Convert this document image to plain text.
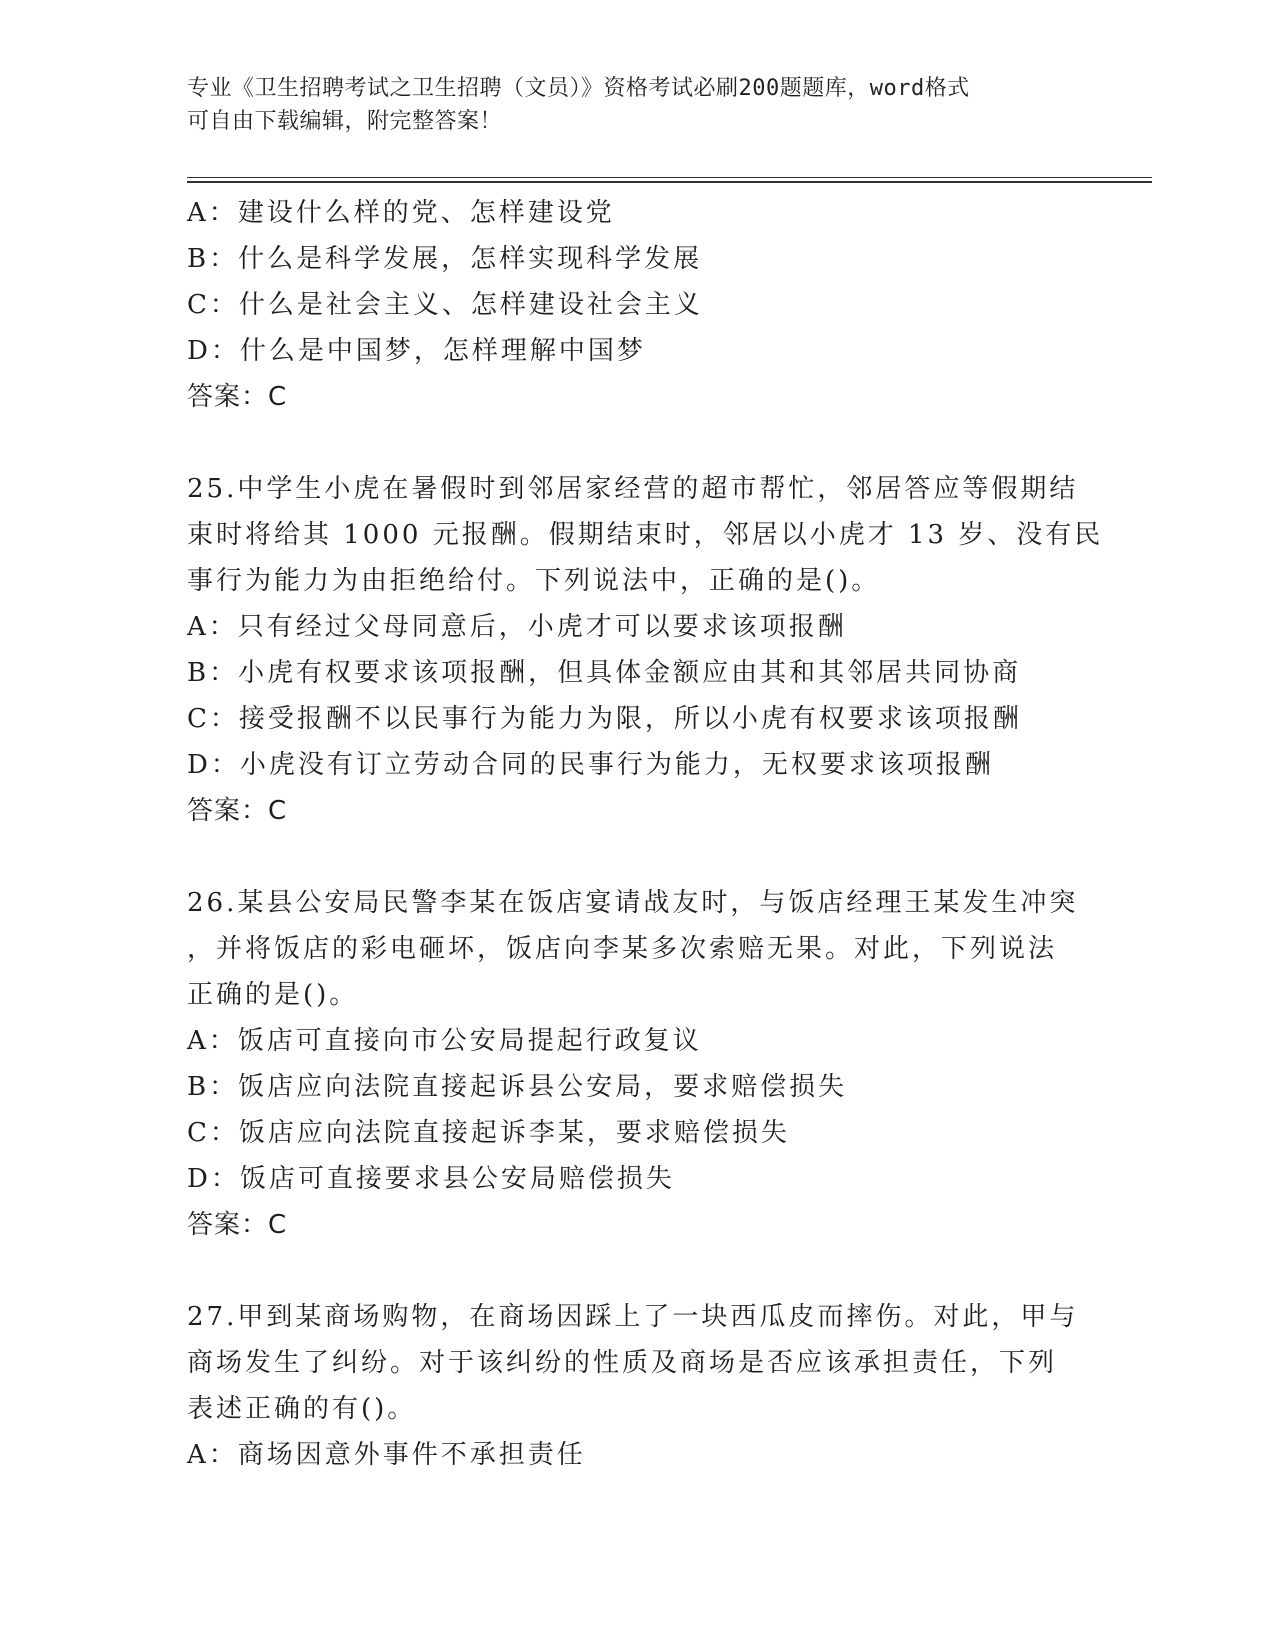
专业《卫生招聘考试之卫生招聘（文员）》资格考试必刷200题题库，word格式
可自由下载编辑，附完整答案！
A：建设什么样的党、怎样建设党
B：什么是科学发展，怎样实现科学发展
C：什么是社会主义、怎样建设社会主义
D：什么是中国梦，怎样理解中国梦
答案：C
25.中学生小虎在暑假时到邻居家经营的超市帮忙，邻居答应等假期结
束时将给其 1000 元报酬。假期结束时，邻居以小虎才 13 岁、没有民
事行为能力为由拒绝给付。下列说法中，正确的是()。
A：只有经过父母同意后，小虎才可以要求该项报酬
B：小虎有权要求该项报酬，但具体金额应由其和其邻居共同协商
C：接受报酬不以民事行为能力为限，所以小虎有权要求该项报酬
D：小虎没有订立劳动合同的民事行为能力，无权要求该项报酬
答案：C
26.某县公安局民警李某在饭店宴请战友时，与饭店经理王某发生冲突
，并将饭店的彩电砸坏，饭店向李某多次索赔无果。对此，下列说法
正确的是()。
A：饭店可直接向市公安局提起行政复议
B：饭店应向法院直接起诉县公安局，要求赔偿损失
C：饭店应向法院直接起诉李某，要求赔偿损失
D：饭店可直接要求县公安局赔偿损失
答案：C
27.甲到某商场购物，在商场因踩上了一块西瓜皮而摔伤。对此，甲与
商场发生了纠纷。对于该纠纷的性质及商场是否应该承担责任，下列
表述正确的有()。
A：商场因意外事件不承担责任
